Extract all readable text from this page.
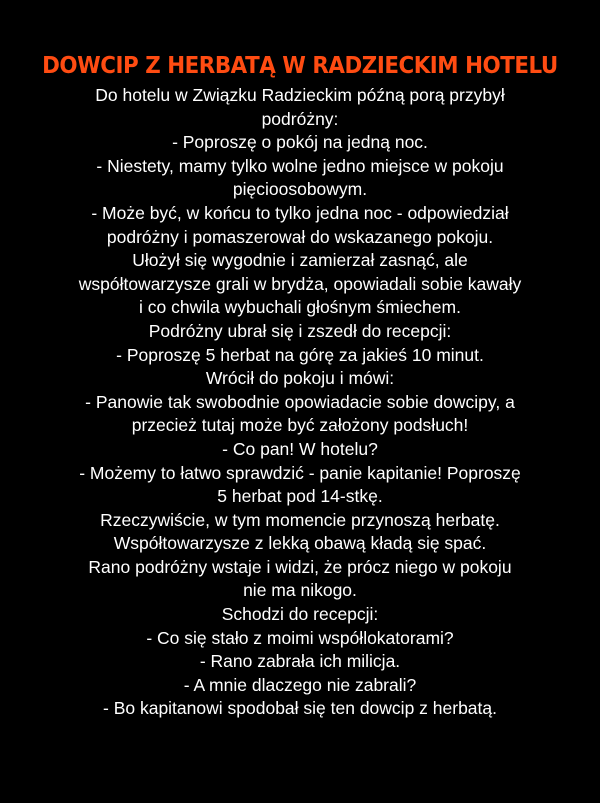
DOWCIP Z HERBATĄ W RADZIECKIM HOTELU
Do hotelu w Związku Radzieckim późną porą przybył
podróżny:
- Poproszę o pokój na jedną noc.
- Niestety, mamy tylko wolne jedno miejsce w pokoju
pięcioosobowym.
- Może być, w końcu to tylko jedna noc - odpowiedział
podróżny i pomaszerował do wskazanego pokoju.
Ułożył się wygodnie i zamierzał zasnąć, ale
współtowarzysze grali w brydża, opowiadali sobie kawały
i co chwila wybuchali głośnym śmiechem.
Podróżny ubrał się i zszedł do recepcji:
- Poproszę 5 herbat na górę za jakieś 10 minut.
Wrócił do pokoju i mówi:
- Panowie tak swobodnie opowiadacie sobie dowcipy, a
przecież tutaj może być założony podsłuch!
- Co pan! W hotelu?
- Możemy to łatwo sprawdzić - panie kapitanie! Poproszę
5 herbat pod 14-stkę.
Rzeczywiście, w tym momencie przynoszą herbatę.
Współtowarzysze z lekką obawą kładą się spać.
Rano podróżny wstaje i widzi, że prócz niego w pokoju
nie ma nikogo.
Schodzi do recepcji:
- Co się stało z moimi współlokatorami?
- Rano zabrała ich milicja.
- A mnie dlaczego nie zabrali?
- Bo kapitanowi spodobał się ten dowcip z herbatą.
